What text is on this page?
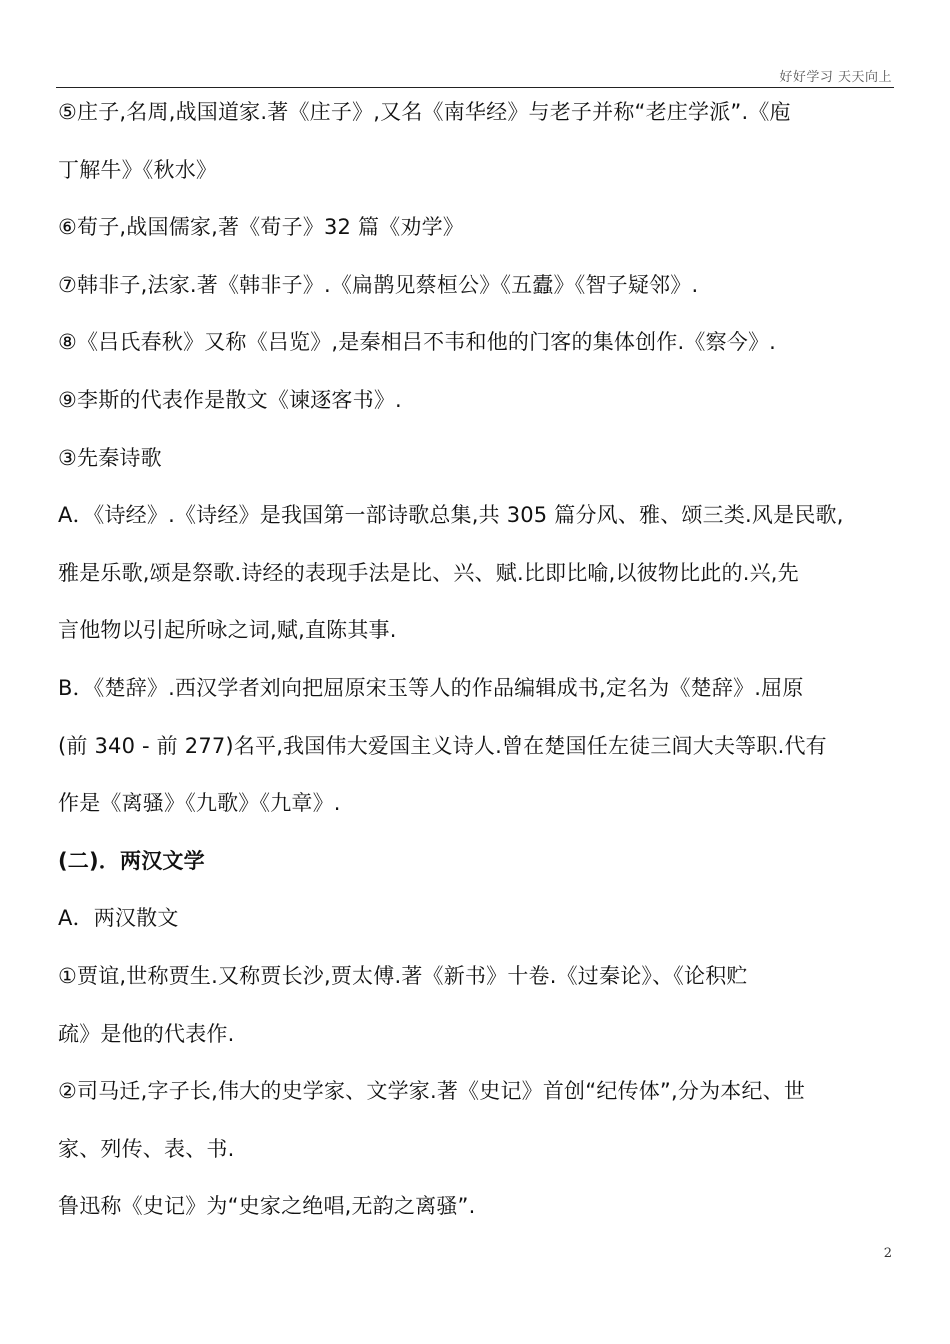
好好学习 天天向上
⑤庄子,名周,战国道家.著《庄子》,又名《南华经》与老子并称“老庄学派”.《庖
丁解牛》《秋水》
⑥荀子,战国儒家,著《荀子》32 篇《劝学》
⑦韩非子,法家.著《韩非子》.《扁鹊见蔡桓公》《五蠹》《智子疑邻》.
⑧《吕氏春秋》又称《吕览》,是秦相吕不韦和他的门客的集体创作.《察今》.
⑨李斯的代表作是散文《谏逐客书》.
③先秦诗歌
A．《诗经》.《诗经》是我国第一部诗歌总集,共 305 篇分风、雅、颂三类.风是民歌,
雅是乐歌,颂是祭歌.诗经的表现手法是比、兴、赋.比即比喻,以彼物比此的.兴,先
言他物以引起所咏之词,赋,直陈其事.
B．《楚辞》.西汉学者刘向把屈原宋玉等人的作品编辑成书,定名为《楚辞》.屈原
(前 340 - 前 277)名平,我国伟大爱国主义诗人.曾在楚国任左徒三闾大夫等职.代有
作是《离骚》《九歌》《九章》.
(二)．两汉文学
A．两汉散文
①贾谊,世称贾生.又称贾长沙,贾太傅.著《新书》十卷.《过秦论》、《论积贮
疏》是他的代表作.
②司马迁,字子长,伟大的史学家、文学家.著《史记》首创“纪传体”,分为本纪、世
家、列传、表、书.
鲁迅称《史记》为“史家之绝唱,无韵之离骚”.
2
